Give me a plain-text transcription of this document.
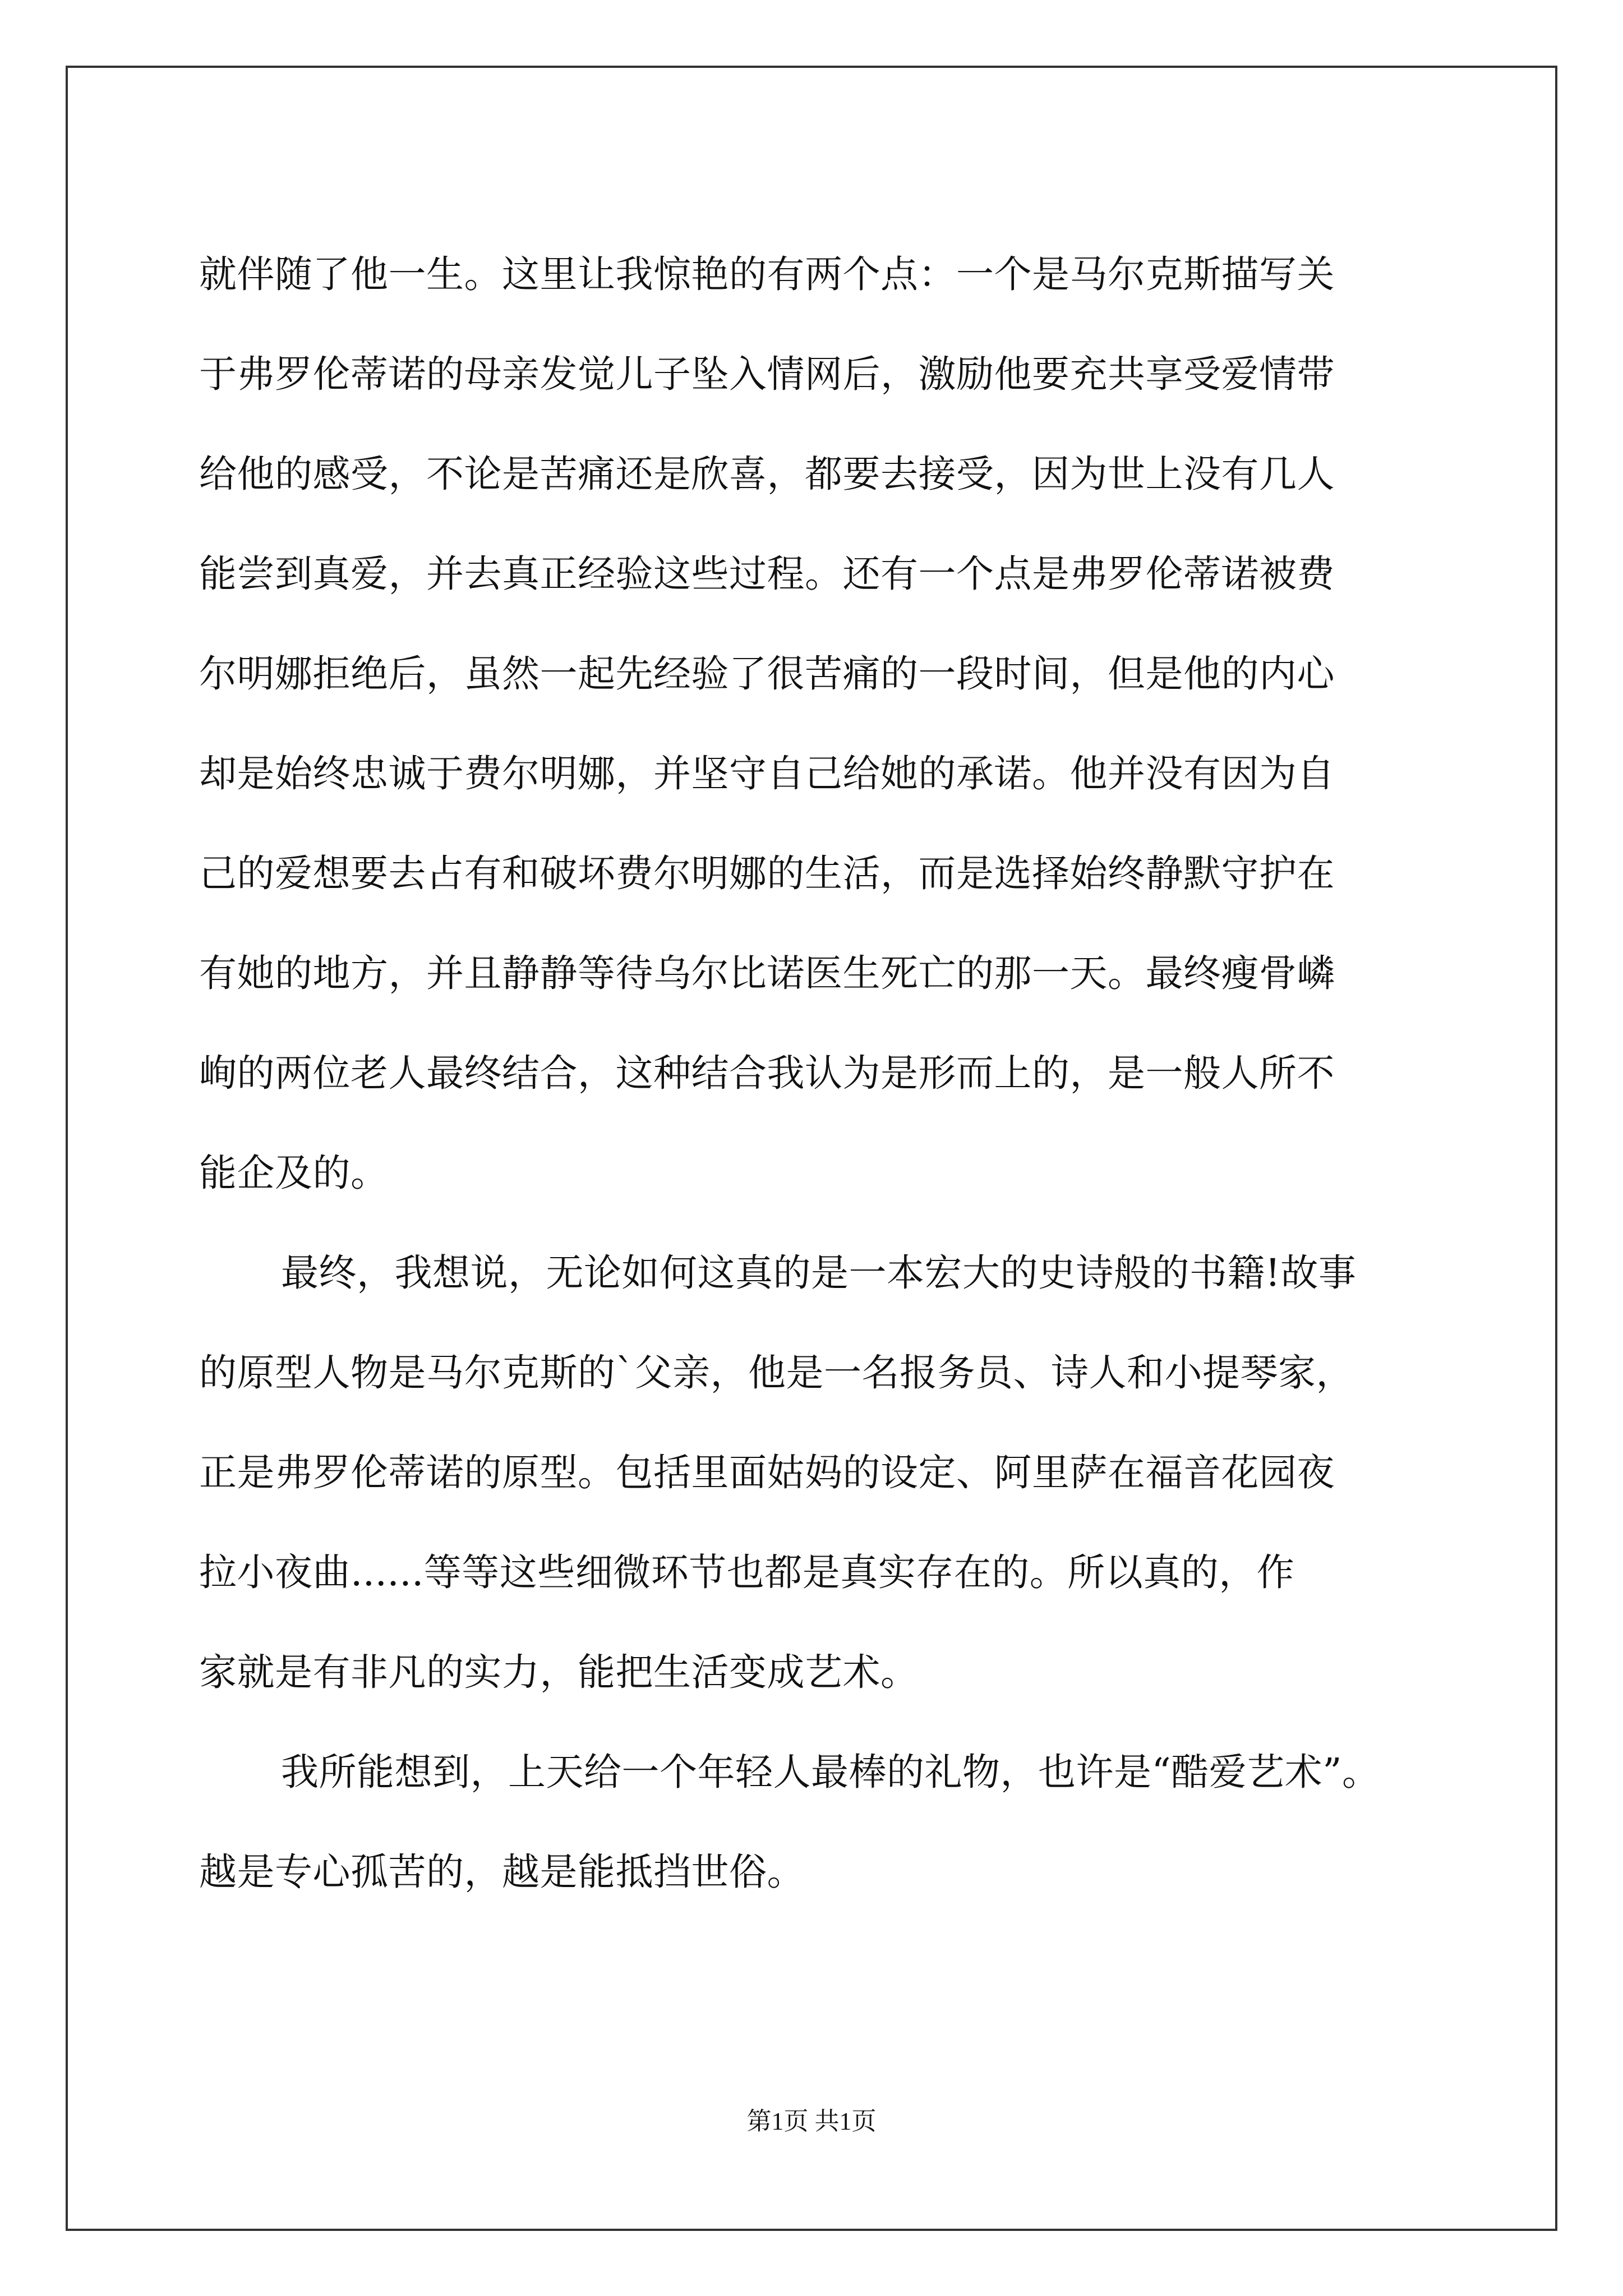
就伴随了他一生。这里让我惊艳的有两个点：一个是马尔克斯描写关
于弗罗伦蒂诺的母亲发觉儿子坠入情网后，激励他要充共享受爱情带
给他的感受，不论是苦痛还是欣喜，都要去接受，因为世上没有几人
能尝到真爱，并去真正经验这些过程。还有一个点是弗罗伦蒂诺被费
尔明娜拒绝后，虽然一起先经验了很苦痛的一段时间，但是他的内心
却是始终忠诚于费尔明娜，并坚守自己给她的承诺。他并没有因为自
己的爱想要去占有和破坏费尔明娜的生活，而是选择始终静默守护在
有她的地方，并且静静等待乌尔比诺医生死亡的那一天。最终瘦骨嶙
峋的两位老人最终结合，这种结合我认为是形而上的，是一般人所不
能企及的。
最终，我想说，无论如何这真的是一本宏大的史诗般的书籍!故事
的原型人物是马尔克斯的`父亲，他是一名报务员、诗人和小提琴家，
正是弗罗伦蒂诺的原型。包括里面姑妈的设定、阿里萨在福音花园夜
拉小夜曲......等等这些细微环节也都是真实存在的。所以真的，作
家就是有非凡的实力，能把生活变成艺术。
我所能想到，上天给一个年轻人最棒的礼物，也许是“酷爱艺术”。
越是专心孤苦的，越是能抵挡世俗。
第1页 共1页
